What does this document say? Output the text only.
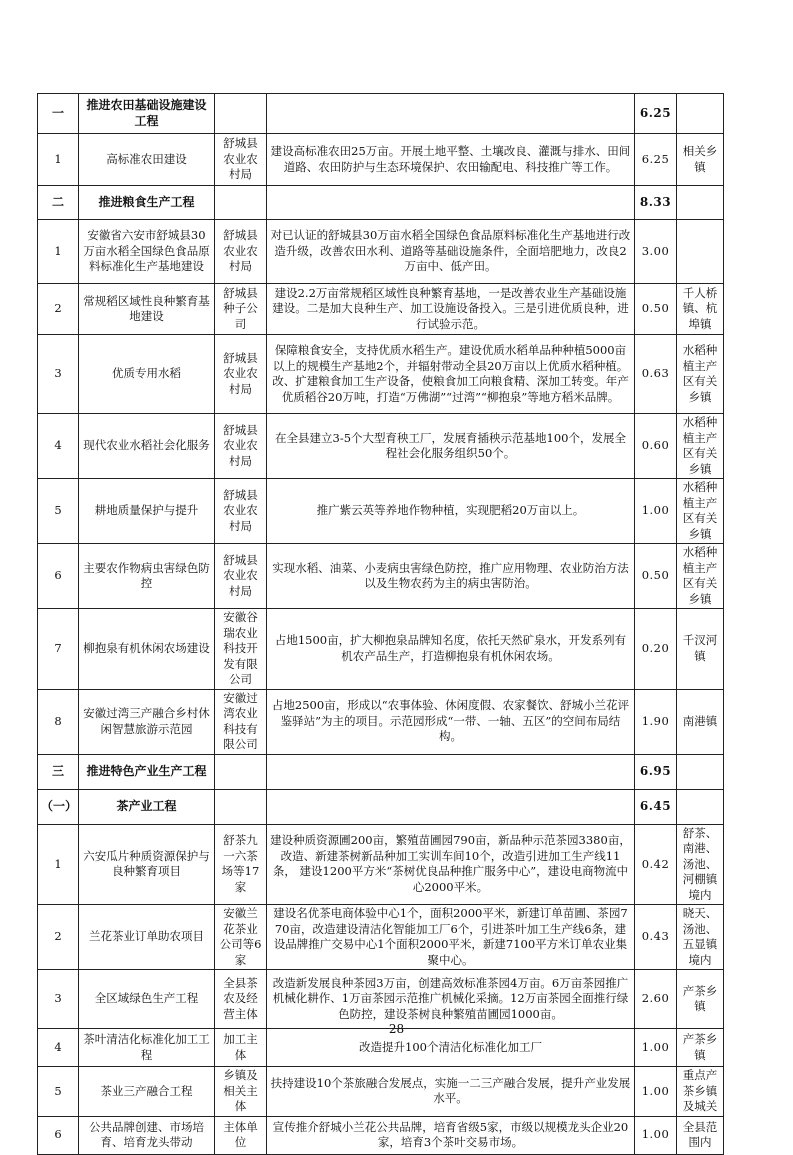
一	推进农田基础设施建设工程			6.25	
1	高标准农田建设	舒城县农业农村局	建设高标准农田25万亩。开展土地平整、土壤改良、灌溉与排水、田间道路、农田防护与生态环境保护、农田输配电、科技推广等工作。	6.25	相关乡镇
二	推进粮食生产工程			8.33	
1	安徽省六安市舒城县30万亩水稻全国绿色食品原料标准化生产基地建设	舒城县农业农村局	对已认证的舒城县30万亩水稻全国绿色食品原料标准化生产基地进行改造升级，改善农田水利、道路等基础设施条件，全面培肥地力，改良2万亩中、低产田。	3.00	
2	常规稻区域性良种繁育基地建设	舒城县种子公司	建设2.2万亩常规稻区域性良种繁育基地，一是改善农业生产基础设施建设。二是加大良种生产、加工设施设备投入。三是引进优质良种，进行试验示范。	0.50	千人桥镇、杭埠镇
3	优质专用水稻	舒城县农业农村局	保障粮食安全，支持优质水稻生产。建设优质水稻单品种种植5000亩以上的规模生产基地2个，并辐射带动全县20万亩以上优质水稻种植。改、扩建粮食加工生产设备，使粮食加工向粮食精、深加工转变。年产优质稻谷20万吨，打造“万佛湖”“过湾”“柳抱泉”等地方稻米品牌。	0.63	水稻种植主产区有关乡镇
4	现代农业水稻社会化服务	舒城县农业农村局	在全县建立3-5个大型育秧工厂，发展育插秧示范基地100个，发展全程社会化服务组织50个。	0.60	水稻种植主产区有关乡镇
5	耕地质量保护与提升	舒城县农业农村局	推广紫云英等养地作物种植，实现肥稻20万亩以上。	1.00	水稻种植主产区有关乡镇
6	主要农作物病虫害绿色防控	舒城县农业农村局	实现水稻、油菜、小麦病虫害绿色防控，推广应用物理、农业防治方法以及生物农药为主的病虫害防治。	0.50	水稻种植主产区有关乡镇
7	柳抱泉有机休闲农场建设	安徽谷瑞农业科技开发有限公司	占地1500亩，扩大柳抱泉品牌知名度，依托天然矿泉水，开发系列有机农产品生产，打造柳抱泉有机休闲农场。	0.20	千汊河镇
8	安徽过湾三产融合乡村休闲智慧旅游示范园	安徽过湾农业科技有限公司	占地2500亩，形成以“农事体验、休闲度假、农家餐饮、舒城小兰花评鉴驿站”为主的项目。示范园形成“一带、一轴、五区”的空间布局结构。	1.90	南港镇
三	推进特色产业生产工程			6.95	
（一）	茶产业工程			6.45	
1	六安瓜片种质资源保护与良种繁育项目	舒茶九一六茶场等17家	建设种质资源圃200亩，繁殖苗圃园790亩，新品种示范茶园3380亩，改造、新建茶树新品种加工实训车间10个，改造引进加工生产线11条， 建设1200平方米“茶树优良品种推广服务中心”，建设电商物流中心2000平米。	0.42	舒茶、南港、汤池、河棚镇境内
2	兰花茶业订单助农项目	安徽兰花茶业公司等6家	建设名优茶电商体验中心1个，面积2000平米，新建订单苗圃、茶园770亩，改造建设清洁化智能加工厂6个，引进茶叶加工生产线6条，建设品牌推广交易中心1个面积2000平米，新建7100平方米订单农业集聚中心。	0.43	晓天、汤池、五显镇境内
3	全区域绿色生产工程	全县茶农及经营主体	改造新发展良种茶园3万亩，创建高效标准茶园4万亩。6万亩茶园推广机械化耕作、1万亩茶园示范推广机械化采摘。12万亩茶园全面推行绿色防控，建设茶树良种繁殖苗圃园1000亩。	2.60	产茶乡镇
4	茶叶清洁化标准化加工工程	加工主体	改造提升100个清洁化标准化加工厂	1.00	产茶乡镇
5	茶业三产融合工程	乡镇及相关主体	扶持建设10个茶旅融合发展点，实施一二三产融合发展，提升产业发展水平。	1.00	重点产茶乡镇及城关
6	公共品牌创建、市场培育、培育龙头带动	主体单位	宣传推介舒城小兰花公共品牌，培育省级5家，市级以规模龙头企业20家，培育3个茶叶交易市场。	1.00	全县范围内
28
